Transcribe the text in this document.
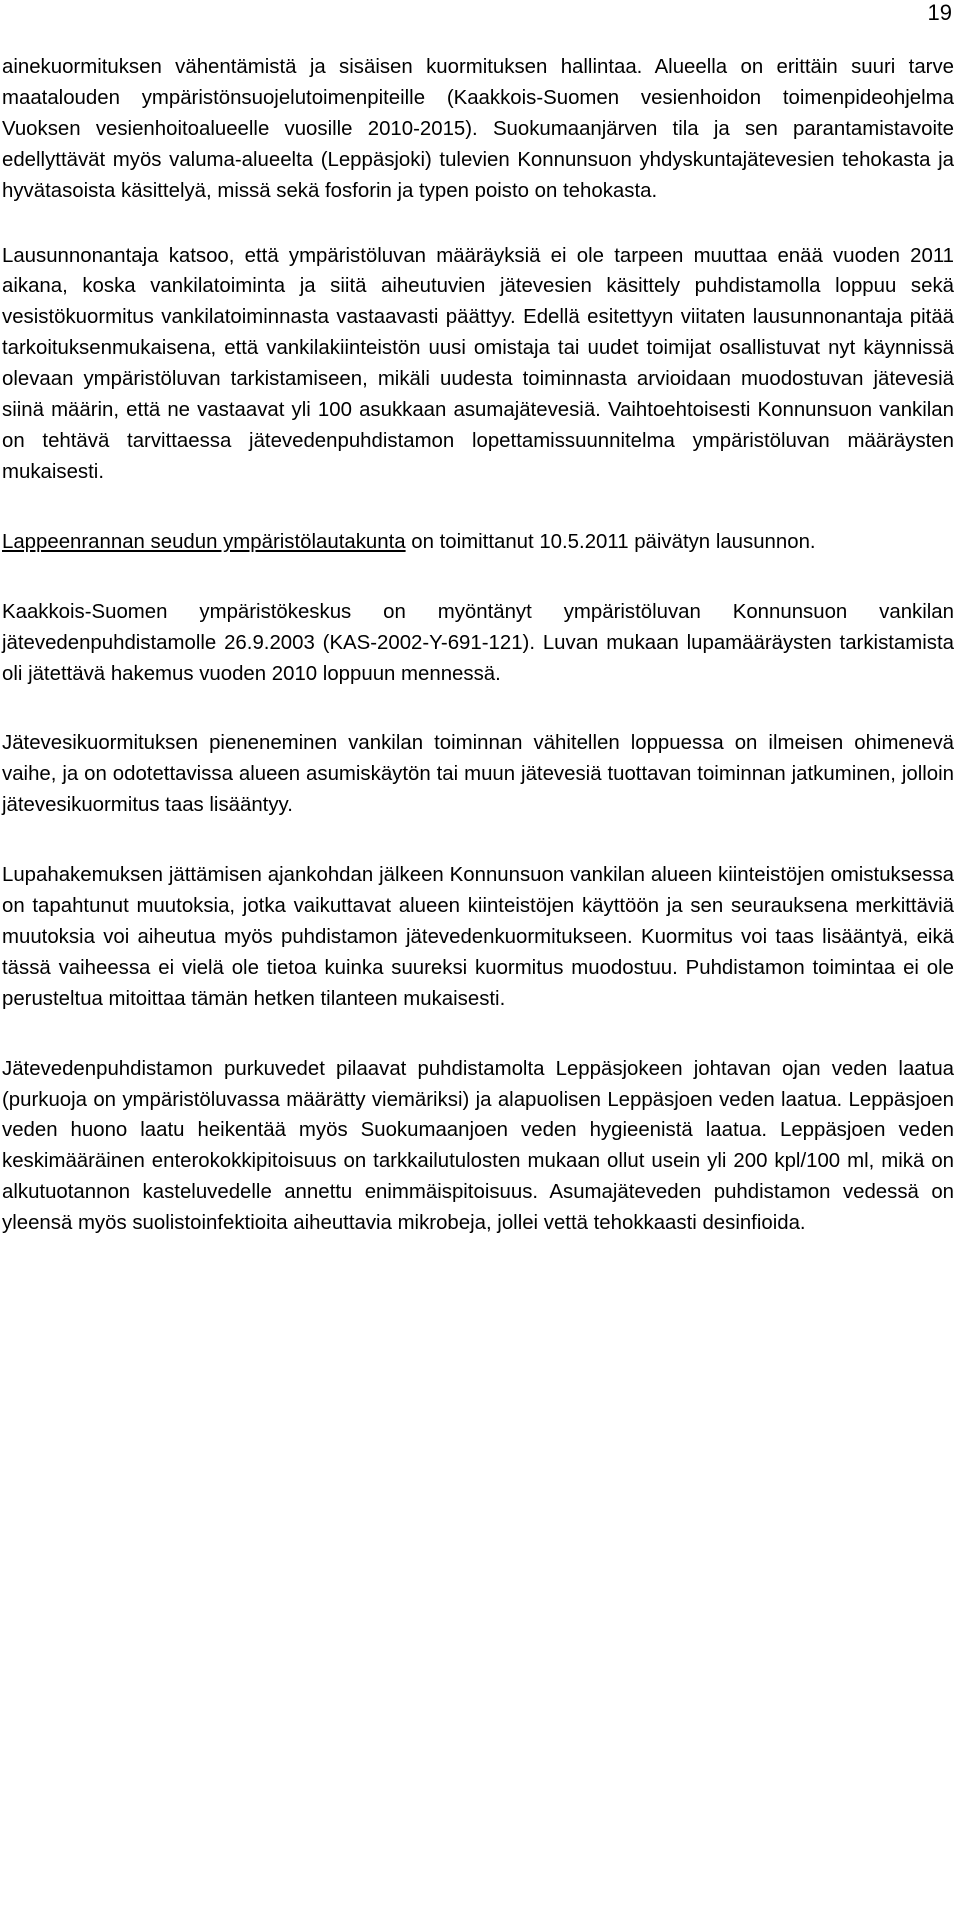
19

ainekuormituksen vähentämistä ja sisäisen kuormituksen hallintaa. Alueella on erittäin suuri tarve maatalouden ympäristönsuojelutoimenpiteille (Kaakkois-Suomen vesienhoidon toimenpideohjelma Vuoksen vesienhoitoalueelle vuosille 2010-2015). Suokumaanjärven tila ja sen parantamistavoite edellyttävät myös valuma-alueelta (Leppäsjoki) tulevien Konnunsuon yhdyskuntajätevesien tehokasta ja hyvätasoista käsittelyä, missä sekä fosforin ja typen poisto on tehokasta.

Lausunnonantaja katsoo, että ympäristöluvan määräyksiä ei ole tarpeen muuttaa enää vuoden 2011 aikana, koska vankilatoiminta ja siitä aiheutuvien jätevesien käsittely puhdistamolla loppuu sekä vesistökuormitus vankilatoiminnasta vastaavasti päättyy. Edellä esitettyyn viitaten lausunnonantaja pitää tarkoituksenmukaisena, että vankilakiinteistön uusi omistaja tai uudet toimijat osallistuvat nyt käynnissä olevaan ympäristöluvan tarkistamiseen, mikäli uudesta toiminnasta arvioidaan muodostuvan jätevesiä siinä määrin, että ne vastaavat yli 100 asukkaan asumajätevesiä. Vaihtoehtoisesti Konnunsuon vankilan on tehtävä tarvittaessa jätevedenpuhdistamon lopettamissuunnitelma ympäristöluvan määräysten mukaisesti.

Lappeenrannan seudun ympäristölautakunta on toimittanut 10.5.2011 päivätyn lausunnon.

Kaakkois-Suomen ympäristökeskus on myöntänyt ympäristöluvan Konnunsuon vankilan jätevedenpuhdistamolle 26.9.2003 (KAS-2002-Y-691-121). Luvan mukaan lupamääräysten tarkistamista oli jätettävä hakemus vuoden 2010 loppuun mennessä.

Jätevesikuormituksen pieneneminen vankilan toiminnan vähitellen loppuessa on ilmeisen ohimenevä vaihe, ja on odotettavissa alueen asumiskäytön tai muun jätevesiä tuottavan toiminnan jatkuminen, jolloin jätevesikuormitus taas lisääntyy.

Lupahakemuksen jättämisen ajankohdan jälkeen Konnunsuon vankilan alueen kiinteistöjen omistuksessa on tapahtunut muutoksia, jotka vaikuttavat alueen kiinteistöjen käyttöön ja sen seurauksena merkittäviä muutoksia voi aiheutua myös puhdistamon jätevedenkuormitukseen. Kuormitus voi taas lisääntyä, eikä tässä vaiheessa ei vielä ole tietoa kuinka suureksi kuormitus muodostuu. Puhdistamon toimintaa ei ole perusteltua mitoittaa tämän hetken tilanteen mukaisesti.

Jätevedenpuhdistamon purkuvedet pilaavat puhdistamolta Leppäsjokeen johtavan ojan veden laatua (purkuoja on ympäristöluvassa määrätty viemäriksi) ja alapuolisen Leppäsjoen veden laatua. Leppäsjoen veden huono laatu heikentää myös Suokumaanjoen veden hygieenistä laatua. Leppäsjoen veden keskimääräinen enterokokkipitoisuus on tarkkailutulosten mukaan ollut usein yli 200 kpl/100 ml, mikä on alkutuotannon kasteluvedelle annettu enimmäispitoisuus. Asumajäteveden puhdistamon vedessä on yleensä myös suolistoinfektioita aiheuttavia mikrobeja, jollei vettä tehokkaasti desinfioida.
